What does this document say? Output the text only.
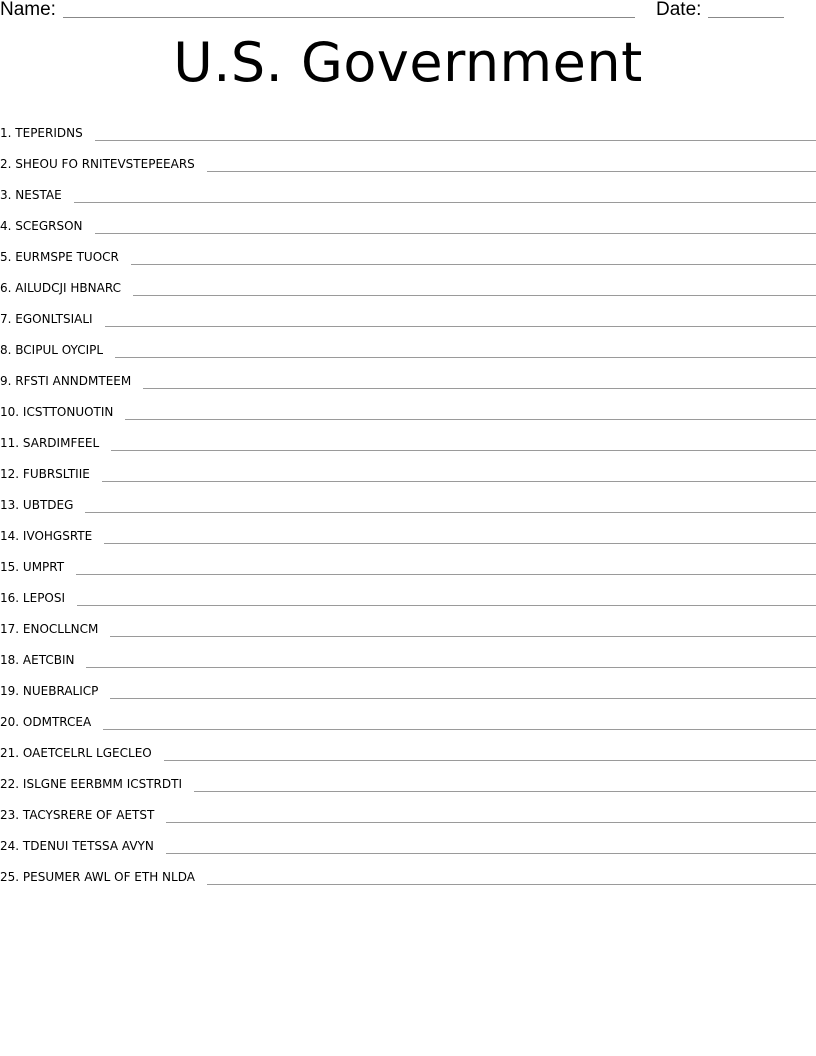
Name:	Date:
U.S. Government
1.
TEPERIDNS
2.
SHEOU FO RNITEVSTEPEEARS
3.
NESTAE
4.
SCEGRSON
5.
EURMSPE TUOCR
6.
AILUDCJI HBNARC
7.
EGONLTSIALI
8.
BCIPUL OYCIPL
9.
RFSTI ANNDMTEEM
10.
ICSTTONUOTIN
11.
SARDIMFEEL
12.
FUBRSLTIIE
13.
UBTDEG
14.
IVOHGSRTE
15.
UMPRT
16.
LEPOSI
17.
ENOCLLNCM
18.
AETCBIN
19.
NUEBRALICP
20.
ODMTRCEA
21.
OAETCELRL LGECLEO
22.
ISLGNE EERBMM ICSTRDTI
23.
TACYSRERE OF AETST
24.
TDENUI TETSSA AVYN
25.
PESUMER AWL OF ETH NLDA
